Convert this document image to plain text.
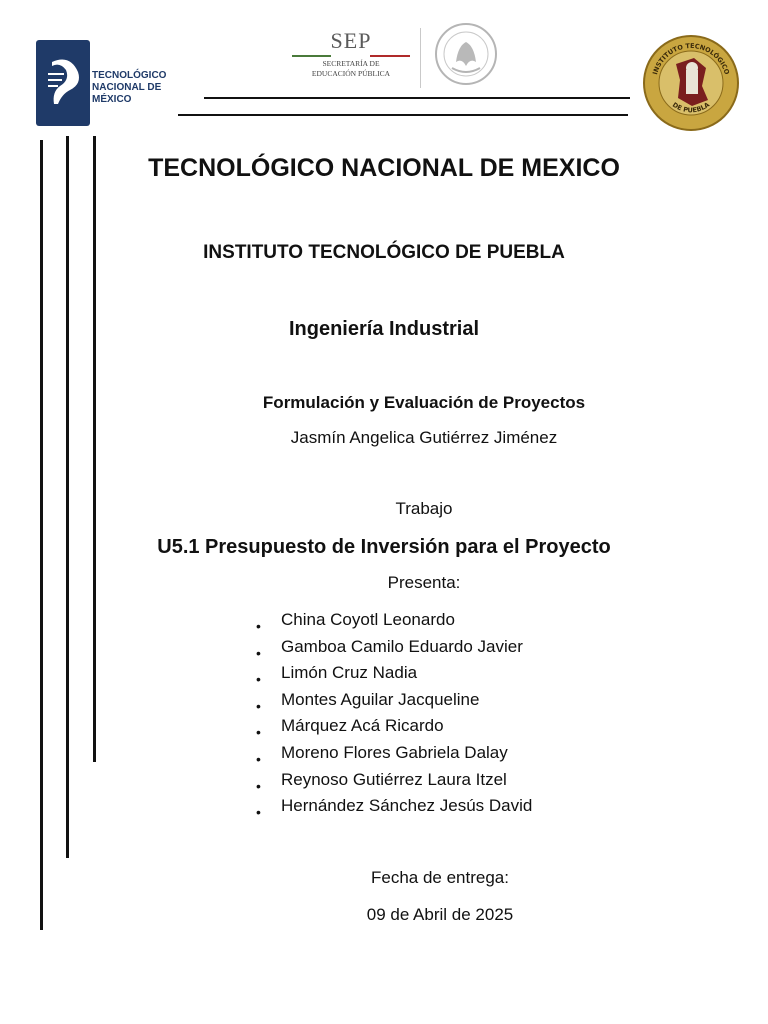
TECNOLÓGICO
NACIONAL DE MÉXICO
SEP
SECRETARÍA DE
EDUCACIÓN PÚBLICA	INSTITUTO TECNOLÓGICO
DE PUEBLA
TECNOLÓGICO NACIONAL DE MEXICO
INSTITUTO TECNOLÓGICO DE PUEBLA
Ingeniería Industrial
Formulación y Evaluación de Proyectos
Jasmín Angelica Gutiérrez Jiménez
Trabajo
U5.1 Presupuesto de Inversión para el Proyecto
Presenta:
• China Coyotl Leonardo
• Gamboa Camilo Eduardo Javier
• Limón Cruz Nadia
• Montes Aguilar Jacqueline
• Márquez Acá Ricardo
• Moreno Flores Gabriela Dalay
• Reynoso Gutiérrez Laura Itzel
• Hernández Sánchez Jesús David
Fecha de entrega:
09 de Abril de 2025
